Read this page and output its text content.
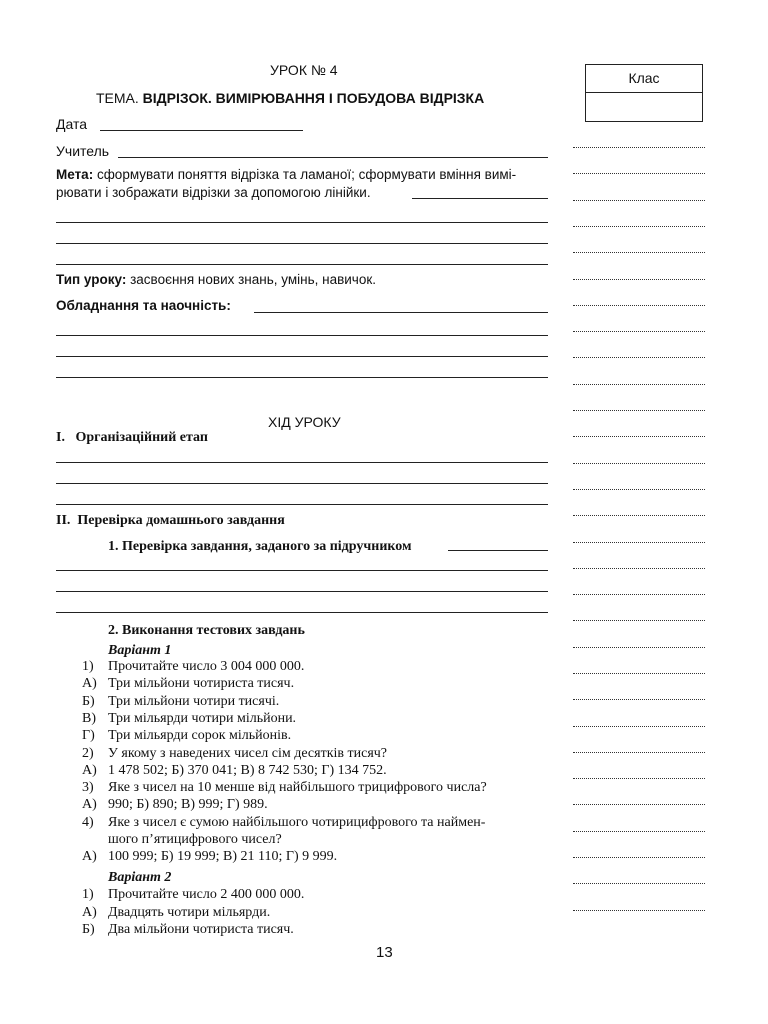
УРОК № 4
ТЕМА. ВІДРІЗОК. ВИМІРЮВАННЯ І ПОБУДОВА ВІДРІЗКА
Клас
Дата
Учитель
Мета: сформувати поняття відрізка та ламаної; сформувати вміння вимі-
рювати і зображати відрізки за допомогою лінійки.
Тип уроку: засвоєння нових знань, умінь, навичок.
Обладнання та наочність:
ХІД УРОКУ
I.   Організаційний етап
II.  Перевірка домашнього завдання
1. Перевірка завдання, заданого за підручником
2. Виконання тестових завдань
Варіант 1
1) Прочитайте число 3 004 000 000.
А) Три мільйони чотириста тисяч.
Б) Три мільйони чотири тисячі.
В) Три мільярди чотири мільйони.
Г) Три мільярди сорок мільйонів.
2) У якому з наведених чисел сім десятків тисяч?
А) 1 478 502; Б) 370 041; В) 8 742 530; Г) 134 752.
3) Яке з чисел на 10 менше від найбільшого трицифрового числа?
А) 990; Б) 890; В) 999; Г) 989.
4) Яке з чисел є сумою найбільшого чотирицифрового та наймен-
шого п’ятицифрового чисел?
А) 100 999; Б) 19 999; В) 21 110; Г) 9 999.
Варіант 2
1) Прочитайте число 2 400 000 000.
А) Двадцять чотири мільярди.
Б) Два мільйони чотириста тисяч.
13
